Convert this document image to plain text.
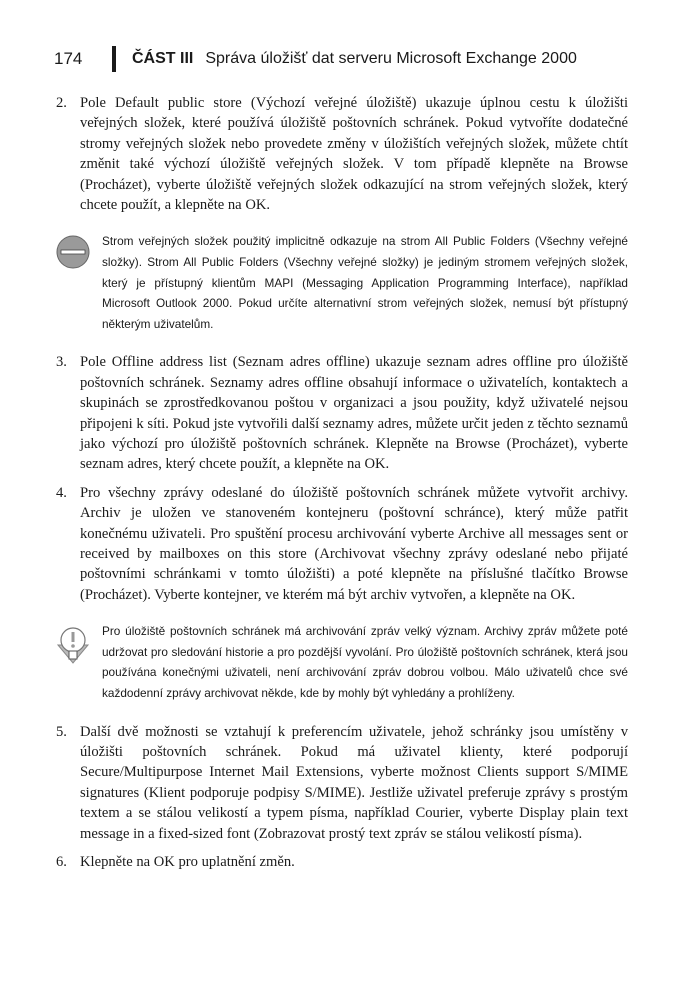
174	ČÁST III Správa úložišť dat serveru Microsoft Exchange 2000
2. Pole Default public store (Výchozí veřejné úložiště) ukazuje úplnou cestu k úložišti veřejných složek, které používá úložiště poštovních schránek. Pokud vytvoříte dodatečné stromy veřejných složek nebo provedete změny v úložištích veřejných složek, můžete chtít změnit také výchozí úložiště veřejných složek. V tom případě klepněte na Browse (Procházet), vyberte úložiště veřejných složek odkazující na strom veřejných složek, který chcete použít, a klepněte na OK.
Strom veřejných složek použitý implicitně odkazuje na strom All Public Folders (Všechny veřejné složky). Strom All Public Folders (Všechny veřejné složky) je jediným stromem veřejných složek, který je přístupný klientům MAPI (Messaging Application Programming Interface), například Microsoft Outlook 2000. Pokud určíte alternativní strom veřejných složek, nemusí být přístupný některým uživatelům.
3. Pole Offline address list (Seznam adres offline) ukazuje seznam adres offline pro úložiště poštovních schránek. Seznamy adres offline obsahují informace o uživatelích, kontaktech a skupinách se zprostředkovanou poštou v organizaci a jsou použity, když uživatelé nejsou připojeni k síti. Pokud jste vytvořili další seznamy adres, můžete určit jeden z těchto seznamů jako výchozí pro úložiště poštovních schránek. Klepněte na Browse (Procházet), vyberte seznam adres, který chcete použít, a klepněte na OK.
4. Pro všechny zprávy odeslané do úložiště poštovních schránek můžete vytvořit archivy. Archiv je uložen ve stanoveném kontejneru (poštovní schránce), který může patřit konečnému uživateli. Pro spuštění procesu archivování vyberte Archive all messages sent or received by mailboxes on this store (Archivovat všechny zprávy odeslané nebo přijaté poštovními schránkami v tomto úložišti) a poté klepněte na příslušné tlačítko Browse (Procházet). Vyberte kontejner, ve kterém má být archiv vytvořen, a klepněte na OK.
Pro úložiště poštovních schránek má archivování zpráv velký význam. Archivy zpráv můžete poté udržovat pro sledování historie a pro pozdější vyvolání. Pro úložiště poštovních schránek, která jsou používána konečnými uživateli, není archivování zpráv dobrou volbou. Málo uživatelů chce své každodenní zprávy archivovat někde, kde by mohly být vyhledány a prohlíženy.
5. Další dvě možnosti se vztahují k preferencím uživatele, jehož schránky jsou umístěny v úložišti poštovních schránek. Pokud má uživatel klienty, které podporují Secure/Multipurpose Internet Mail Extensions, vyberte možnost Clients support S/MIME signatures (Klient podporuje podpisy S/MIME). Jestliže uživatel preferuje zprávy s prostým textem a se stálou velikostí a typem písma, například Courier, vyberte Display plain text message in a fixed-sized font (Zobrazovat prostý text zpráv se stálou velikostí písma).
6. Klepněte na OK pro uplatnění změn.
